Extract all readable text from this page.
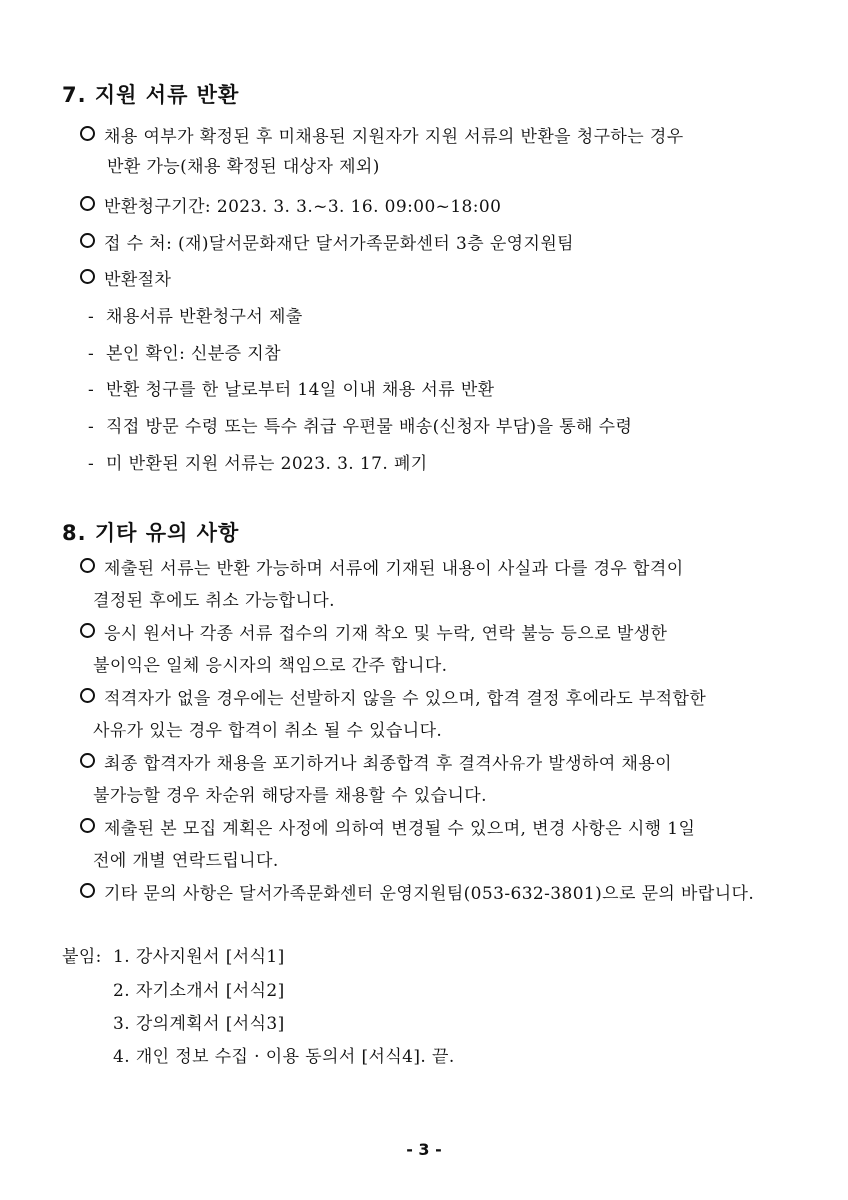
7. 지원 서류 반환
채용 여부가 확정된 후 미채용된 지원자가 지원 서류의 반환을 청구하는 경우
반환 가능(채용 확정된 대상자 제외)
반환청구기간: 2023. 3. 3.~3. 16. 09:00~18:00
접 수 처: (재)달서문화재단 달서가족문화센터 3층 운영지원팀
반환절차
- 채용서류 반환청구서 제출
- 본인 확인: 신분증 지참
- 반환 청구를 한 날로부터 14일 이내 채용 서류 반환
- 직접 방문 수령 또는 특수 취급 우편물 배송(신청자 부담)을 통해 수령
- 미 반환된 지원 서류는 2023. 3. 17. 폐기
8. 기타 유의 사항
제출된 서류는 반환 가능하며 서류에 기재된 내용이 사실과 다를 경우 합격이
결정된 후에도 취소 가능합니다.
응시 원서나 각종 서류 접수의 기재 착오 및 누락, 연락 불능 등으로 발생한
불이익은 일체 응시자의 책임으로 간주 합니다.
적격자가 없을 경우에는 선발하지 않을 수 있으며, 합격 결정 후에라도 부적합한
사유가 있는 경우 합격이 취소 될 수 있습니다.
최종 합격자가 채용을 포기하거나 최종합격 후 결격사유가 발생하여 채용이
불가능할 경우 차순위 해당자를 채용할 수 있습니다.
제출된 본 모집 계획은 사정에 의하여 변경될 수 있으며, 변경 사항은 시행 1일
전에 개별 연락드립니다.
기타 문의 사항은 달서가족문화센터 운영지원팀(053-632-3801)으로 문의 바랍니다.
붙임: 1. 강사지원서 [서식1]
2. 자기소개서 [서식2]
3. 강의계획서 [서식3]
4. 개인 정보 수집 · 이용 동의서 [서식4]. 끝.
- 3 -
